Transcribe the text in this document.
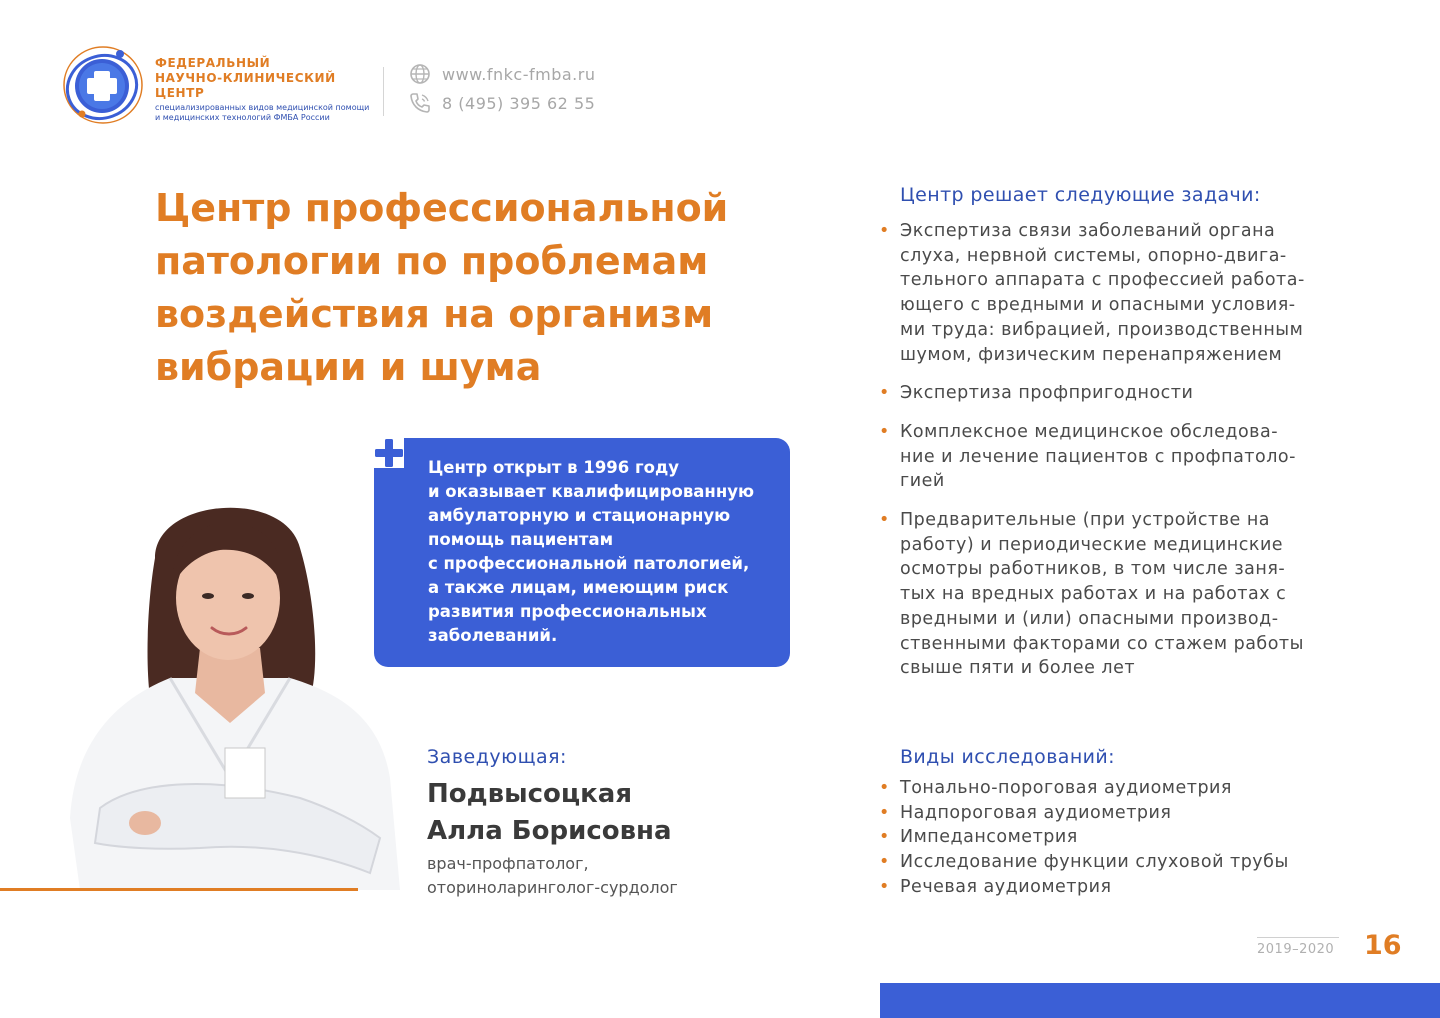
ФЕДЕРАЛЬНЫЙ
НАУЧНО-КЛИНИЧЕСКИЙ ЦЕНТР
специализированных видов медицинской помощи и медицинских технологий ФМБА России
www.fnkc-fmba.ru
8 (495) 395 62 55
Центр профессиональной патологии по проблемам воздействия на организм вибрации и шума

Центр открыт в 1996 году
и оказывает квалифицированную
амбулаторную и стационарную
помощь пациентам
с профессиональной патологией,
а также лицам, имеющим риск
развития профессиональных
заболеваний.

Заведующая:
Подвысоцкая
Алла Борисовна
врач-профпатолог,
оториноларинголог-сурдолог
Центр решает следующие задачи:
• Экспертиза связи заболеваний органа
слуха, нервной системы, опорно-двига-
тельного аппарата с профессией работа-
ющего с вредными и опасными условия-
ми труда: вибрацией, производственным
шумом, физическим перенапряжением
• Экспертиза профпригодности
• Комплексное медицинское обследова-
ние и лечение пациентов с профпатоло-
гией
• Предварительные (при устройстве на
работу) и периодические медицинские
осмотры работников, в том числе заня-
тых на вредных работах и на работах с
вредными и (или) опасными производ-
ственными факторами со стажем работы
свыше пяти и более лет
Виды исследований:
• Тонально-пороговая аудиометрия
• Надпороговая аудиометрия
• Импедансометрия
• Исследование функции слуховой трубы
• Речевая аудиометрия
2019–2020 16
